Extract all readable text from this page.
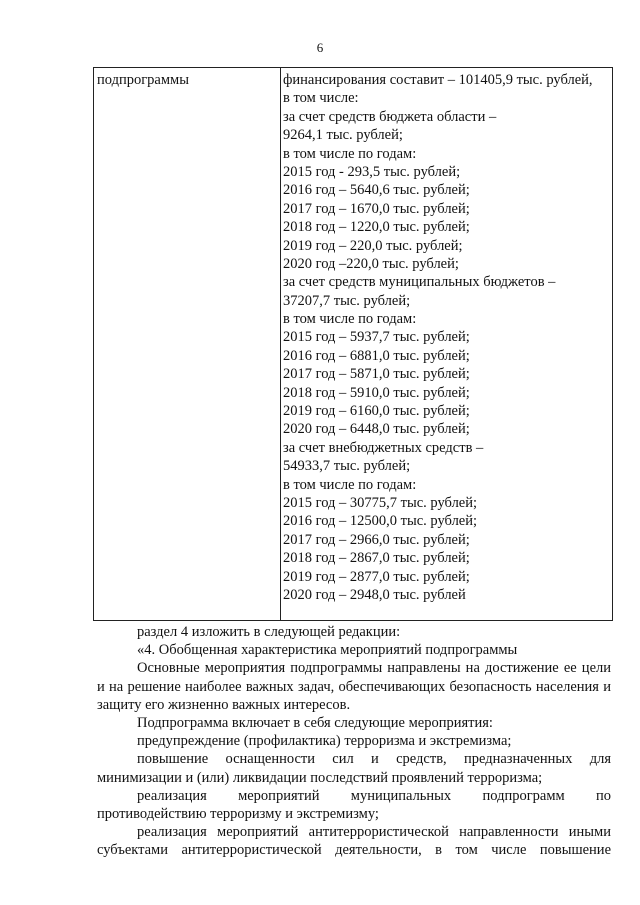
6
подпрограммы	финансирования составит – 101405,9 тыс. рублей,
в том числе:
за счет средств бюджета области –
9264,1 тыс. рублей;
в том числе по годам:
2015 год - 293,5 тыс. рублей;
2016 год – 5640,6 тыс. рублей;
2017 год – 1670,0 тыс. рублей;
2018 год – 1220,0 тыс. рублей;
2019 год – 220,0 тыс. рублей;
2020 год –220,0 тыс. рублей;
за счет средств муниципальных бюджетов –
37207,7 тыс. рублей;
в том числе по годам:
2015 год – 5937,7 тыс. рублей;
2016 год – 6881,0 тыс. рублей;
2017 год – 5871,0 тыс. рублей;
2018 год – 5910,0 тыс. рублей;
2019 год – 6160,0 тыс. рублей;
2020 год – 6448,0 тыс. рублей;
за счет внебюджетных средств –
54933,7 тыс. рублей;
в том числе по годам:
2015 год – 30775,7 тыс. рублей;
2016 год – 12500,0 тыс. рублей;
2017 год – 2966,0 тыс. рублей;
2018 год – 2867,0 тыс. рублей;
2019 год – 2877,0 тыс. рублей;
2020 год – 2948,0 тыс. рублей

раздел 4 изложить в следующей редакции:

«4. Обобщенная характеристика мероприятий подпрограммы

Основные мероприятия подпрограммы направлены на достижение ее цели и на решение наиболее важных задач, обеспечивающих безопасность населения и защиту его жизненно важных интересов.

Подпрограмма включает в себя следующие мероприятия:

предупреждение (профилактика) терроризма и экстремизма;

повышение оснащенности сил и средств, предназначенных для минимизации и (или) ликвидации последствий проявлений терроризма;

реализация мероприятий муниципальных подпрограмм по противодействию терроризму и экстремизму;

реализация мероприятий антитеррористической направленности иными субъектами антитеррористической деятельности, в том числе повышение
